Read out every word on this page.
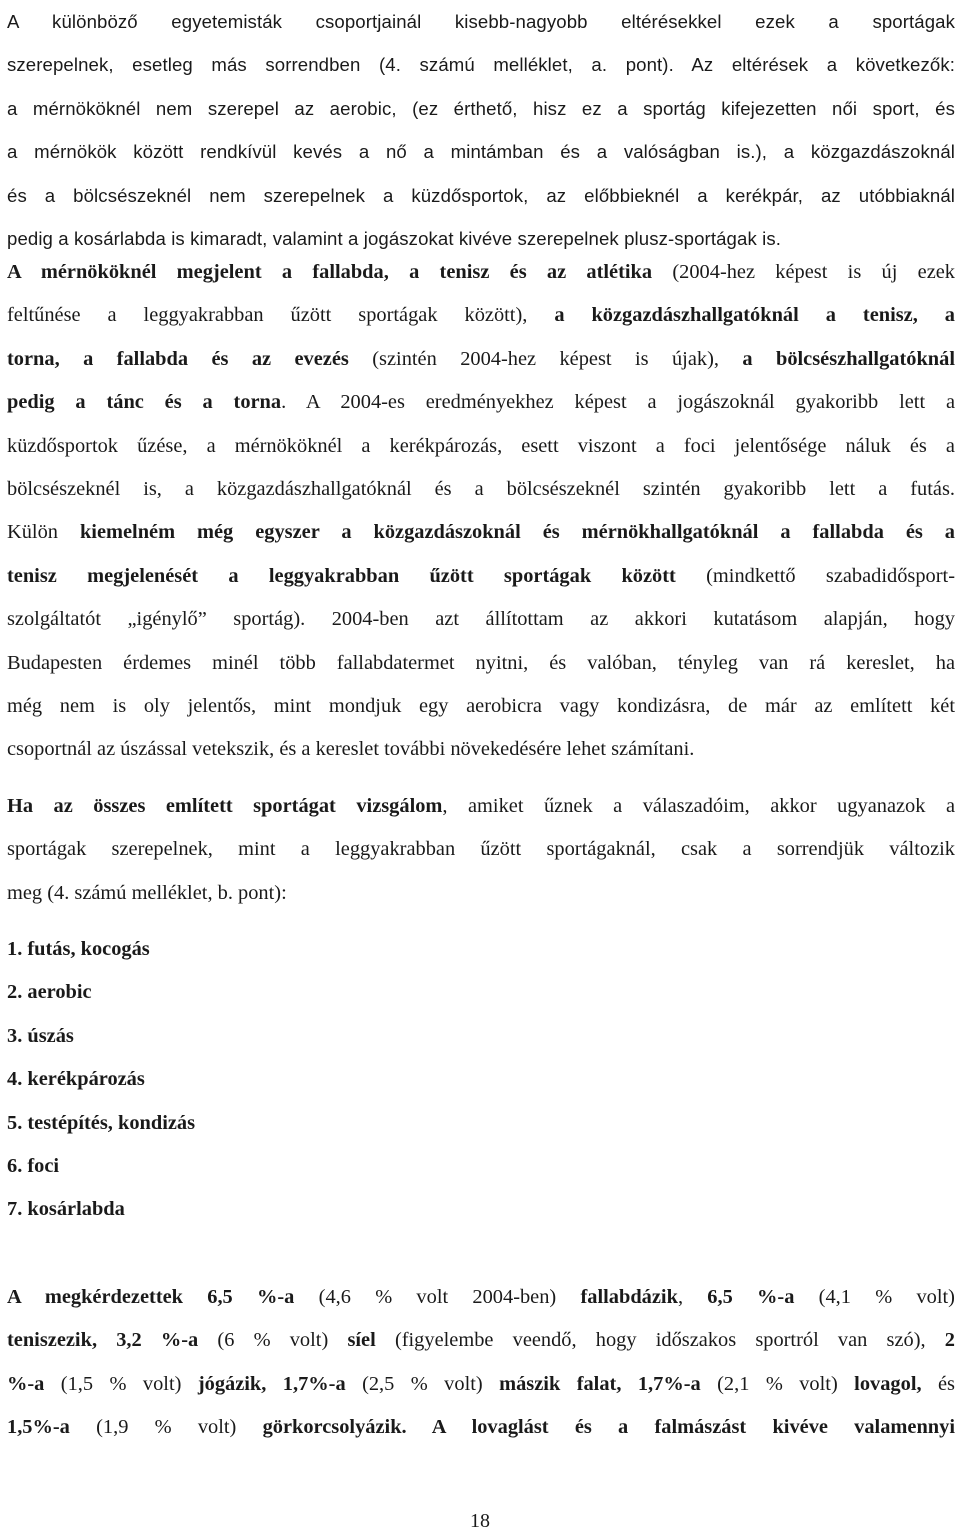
A különböző egyetemisták csoportjainál kisebb-nagyobb eltérésekkel ezek a sportágak
szerepelnek, esetleg más sorrendben (4. számú melléklet, a. pont). Az eltérések a következők:
a mérnököknél nem szerepel az aerobic, (ez érthető, hisz ez a sportág kifejezetten női sport, és
a mérnökök között rendkívül kevés a nő a mintámban és a valóságban is.), a közgazdászoknál
és a bölcsészeknél nem szerepelnek a küzdősportok, az előbbieknél a kerékpár, az utóbbiaknál
pedig a kosárlabda is kimaradt, valamint a jogászokat kivéve szerepelnek plusz-sportágak is.
A mérnököknél megjelent a fallabda, a tenisz és az atlétika (2004-hez képest is új ezek
feltűnése a leggyakrabban űzött sportágak között), a közgazdászhallgatóknál a tenisz, a
torna, a fallabda és az evezés (szintén 2004-hez képest is újak), a bölcsészhallgatóknál
pedig a tánc és a torna. A 2004-es eredményekhez képest a jogászoknál gyakoribb lett a
küzdősportok űzése, a mérnököknél a kerékpározás, esett viszont a foci jelentősége náluk és a
bölcsészeknél is, a közgazdászhallgatóknál és a bölcsészeknél szintén gyakoribb lett a futás.
Külön kiemelném még egyszer a közgazdászoknál és mérnökhallgatóknál a fallabda és a
tenisz megjelenését a leggyakrabban űzött sportágak között (mindkettő szabadidősport-
szolgáltatót „igénylő” sportág). 2004-ben azt állítottam az akkori kutatásom alapján, hogy
Budapesten érdemes minél több fallabdatermet nyitni, és valóban, tényleg van rá kereslet, ha
még nem is oly jelentős, mint mondjuk egy aerobicra vagy kondizásra, de már az említett két
csoportnál az úszással vetekszik, és a kereslet további növekedésére lehet számítani.
Ha az összes említett sportágat vizsgálom, amiket űznek a válaszadóim, akkor ugyanazok a
sportágak szerepelnek, mint a leggyakrabban űzött sportágaknál, csak a sorrendjük változik
meg (4. számú melléklet, b. pont):
1. futás, kocogás
2. aerobic
3. úszás
4. kerékpározás
5. testépítés, kondizás
6. foci
7. kosárlabda
A megkérdezettek 6,5 %-a (4,6 % volt 2004-ben) fallabdázik, 6,5 %-a (4,1 % volt)
teniszezik, 3,2 %-a (6 % volt) síel (figyelembe veendő, hogy időszakos sportról van szó), 2
%-a (1,5 % volt) jógázik, 1,7%-a (2,5 % volt) mászik falat, 1,7%-a (2,1 % volt) lovagol, és
1,5%-a (1,9 % volt) görkorcsolyázik. A lovaglást és a falmászást kivéve valamennyi
18
